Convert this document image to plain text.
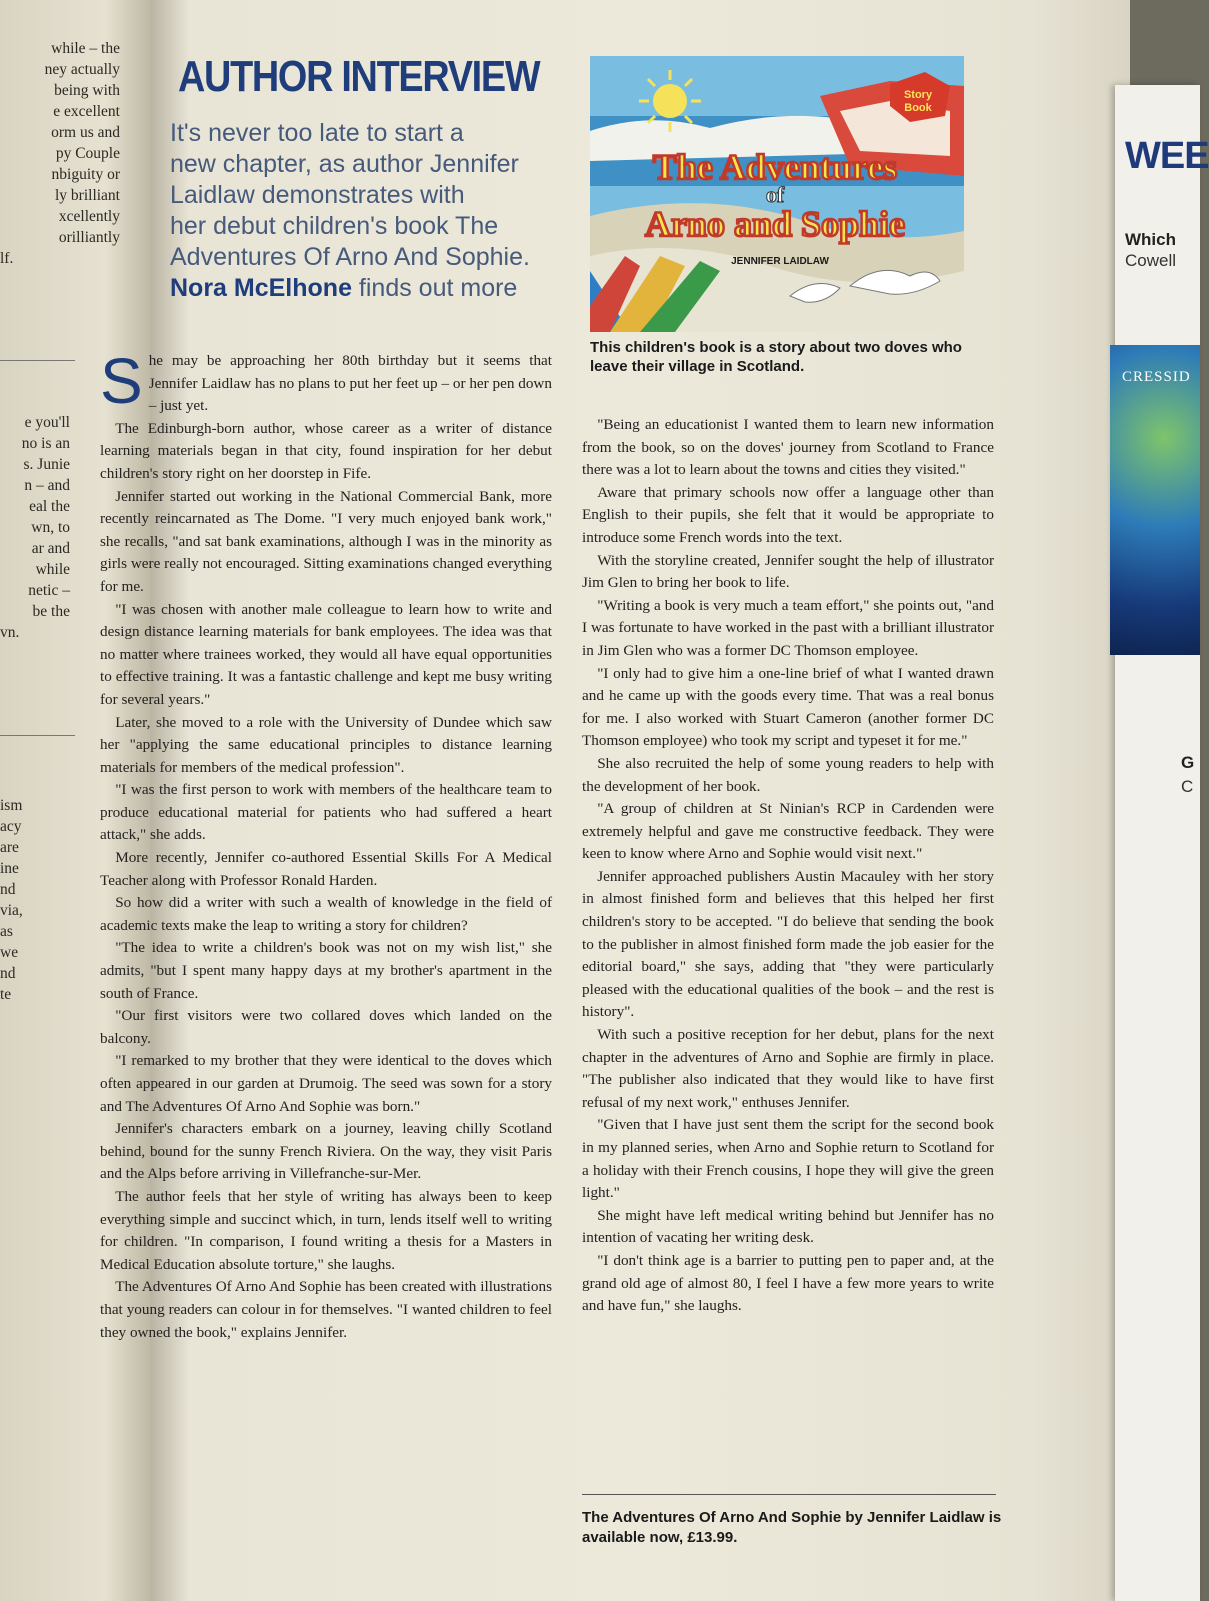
while – the
ney actually
being with
e excellent
orm us and
py Couple
nbiguity or
ly brilliant
xcellently
orilliantly
lf.
e you'll
no is an
s. Junie
n – and
eal the
wn, to
ar and
while
netic –
be the
vn.
ism
acy
are
ine
nd
via,
as
we
nd
te
AUTHOR INTERVIEW
It's never too late to start a
new chapter, as author Jennifer
Laidlaw demonstrates with
her debut children's book The
Adventures Of Arno And Sophie.
Nora McElhone finds out more
Story
Book
The Adventures
of
Arno and Sophie
JENNIFER LAIDLAW
This children's book is a story about two doves who leave their village in Scotland.

She may be approaching her 80th birthday but it seems that Jennifer Laidlaw has no plans to put her feet up – or her pen down – just yet.

The Edinburgh-born author, whose career as a writer of distance learning materials began in that city, found inspiration for her debut children's story right on her doorstep in Fife.

Jennifer started out working in the National Commercial Bank, more recently reincarnated as The Dome. "I very much enjoyed bank work," she recalls, "and sat bank examinations, although I was in the minority as girls were really not encouraged. Sitting examinations changed everything for me.

"I was chosen with another male colleague to learn how to write and design distance learning materials for bank employees. The idea was that no matter where trainees worked, they would all have equal opportunities to effective training. It was a fantastic challenge and kept me busy writing for several years."

Later, she moved to a role with the University of Dundee which saw her "applying the same educational principles to distance learning materials for members of the medical profession".

"I was the first person to work with members of the healthcare team to produce educational material for patients who had suffered a heart attack," she adds.

More recently, Jennifer co-authored Essential Skills For A Medical Teacher along with Professor Ronald Harden.

So how did a writer with such a wealth of knowledge in the field of academic texts make the leap to writing a story for children?

"The idea to write a children's book was not on my wish list," she admits, "but I spent many happy days at my brother's apartment in the south of France.

"Our first visitors were two collared doves which landed on the balcony.

"I remarked to my brother that they were identical to the doves which often appeared in our garden at Drumoig. The seed was sown for a story and The Adventures Of Arno And Sophie was born."

Jennifer's characters embark on a journey, leaving chilly Scotland behind, bound for the sunny French Riviera. On the way, they visit Paris and the Alps before arriving in Villefranche-sur-Mer.

The author feels that her style of writing has always been to keep everything simple and succinct which, in turn, lends itself well to writing for children. "In comparison, I found writing a thesis for a Masters in Medical Education absolute torture," she laughs.

The Adventures Of Arno And Sophie has been created with illustrations that young readers can colour in for themselves. "I wanted children to feel they owned the book," explains Jennifer.

"Being an educationist I wanted them to learn new information from the book, so on the doves' journey from Scotland to France there was a lot to learn about the towns and cities they visited."

Aware that primary schools now offer a language other than English to their pupils, she felt that it would be appropriate to introduce some French words into the text.

With the storyline created, Jennifer sought the help of illustrator Jim Glen to bring her book to life.

"Writing a book is very much a team effort," she points out, "and I was fortunate to have worked in the past with a brilliant illustrator in Jim Glen who was a former DC Thomson employee.

"I only had to give him a one-line brief of what I wanted drawn and he came up with the goods every time. That was a real bonus for me. I also worked with Stuart Cameron (another former DC Thomson employee) who took my script and typeset it for me."

She also recruited the help of some young readers to help with the development of her book.

"A group of children at St Ninian's RCP in Cardenden were extremely helpful and gave me constructive feedback. They were keen to know where Arno and Sophie would visit next."

Jennifer approached publishers Austin Macauley with her story in almost finished form and believes that this helped her first children's story to be accepted. "I do believe that sending the book to the publisher in almost finished form made the job easier for the editorial board," she says, adding that "they were particularly pleased with the educational qualities of the book – and the rest is history".

With such a positive reception for her debut, plans for the next chapter in the adventures of Arno and Sophie are firmly in place. "The publisher also indicated that they would like to have first refusal of my next work," enthuses Jennifer.

"Given that I have just sent them the script for the second book in my planned series, when Arno and Sophie return to Scotland for a holiday with their French cousins, I hope they will give the green light."

She might have left medical writing behind but Jennifer has no intention of vacating her writing desk.

"I don't think age is a barrier to putting pen to paper and, at the grand old age of almost 80, I feel I have a few more years to write and have fun," she laughs.

The Adventures Of Arno And Sophie by Jennifer Laidlaw is available now, £13.99.
WEE
Which
Cowell
CRESSID
G
C
